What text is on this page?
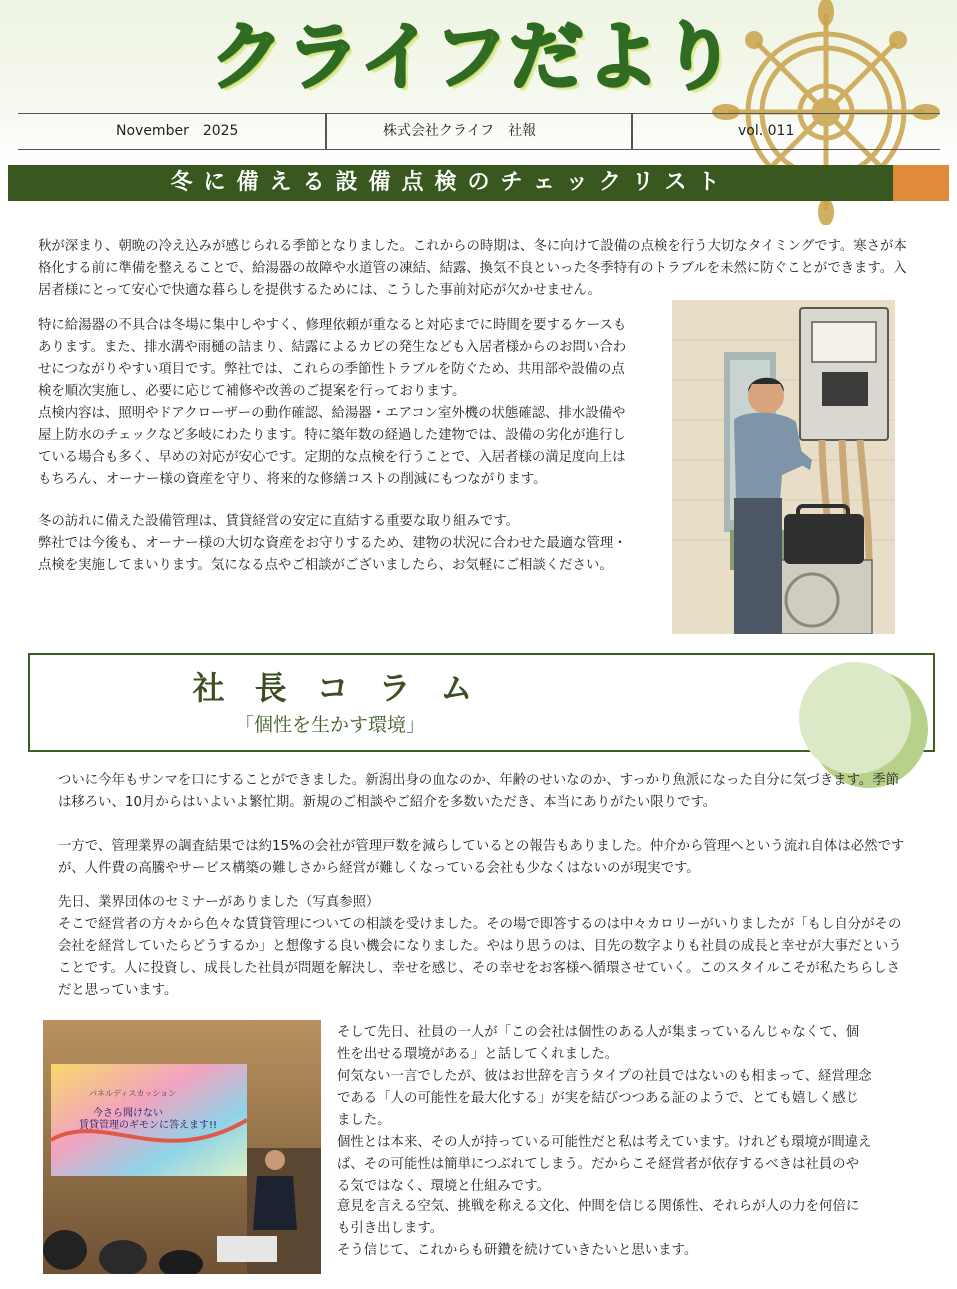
クライフだより
November　2025	株式会社クライフ　社報	vol. 011
冬に備える設備点検のチェックリスト

秋が深まり、朝晩の冷え込みが感じられる季節となりました。これからの時期は、冬に向けて設備の点検を行う大切なタイミングです。寒さが本格化する前に準備を整えることで、給湯器の故障や水道管の凍結、結露、換気不良といった冬季特有のトラブルを未然に防ぐことができます。入居者様にとって安心で快適な暮らしを提供するためには、こうした事前対応が欠かせません。

特に給湯器の不具合は冬場に集中しやすく、修理依頼が重なると対応までに時間を要するケースもあります。また、排水溝や雨樋の詰まり、結露によるカビの発生なども入居者様からのお問い合わせにつながりやすい項目です。弊社では、これらの季節性トラブルを防ぐため、共用部や設備の点検を順次実施し、必要に応じて補修や改善のご提案を行っております。

点検内容は、照明やドアクローザーの動作確認、給湯器・エアコン室外機の状態確認、排水設備や屋上防水のチェックなど多岐にわたります。特に築年数の経過した建物では、設備の劣化が進行している場合も多く、早めの対応が安心です。定期的な点検を行うことで、入居者様の満足度向上はもちろん、オーナー様の資産を守り、将来的な修繕コストの削減にもつながります。

冬の訪れに備えた設備管理は、賃貸経営の安定に直結する重要な取り組みです。

弊社では今後も、オーナー様の大切な資産をお守りするため、建物の状況に合わせた最適な管理・点検を実施してまいります。気になる点やご相談がございましたら、お気軽にご相談ください。

社長コラム
「個性を生かす環境」

ついに今年もサンマを口にすることができました。新潟出身の血なのか、年齢のせいなのか、すっかり魚派になった自分に気づきます。季節は移ろい、10月からはいよいよ繁忙期。新規のご相談やご紹介を多数いただき、本当にありがたい限りです。

一方で、管理業界の調査結果では約15%の会社が管理戸数を減らしているとの報告もありました。仲介から管理へという流れ自体は必然ですが、人件費の高騰やサービス構築の難しさから経営が難しくなっている会社も少なくはないのが現実です。

先日、業界団体のセミナーがありました（写真参照）

そこで経営者の方々から色々な賃貸管理についての相談を受けました。その場で即答するのは中々カロリーがいりましたが「もし自分がその会社を経営していたらどうするか」と想像する良い機会になりました。やはり思うのは、目先の数字よりも社員の成長と幸せが大事だということです。人に投資し、成長した社員が問題を解決し、幸せを感じ、その幸せをお客様へ循環させていく。このスタイルこそが私たちらしさだと思っています。

パネルディスカッション
今さら聞けない
賃貸管理のギモンに答えます!!

そして先日、社員の一人が「この会社は個性のある人が集まっているんじゃなくて、個性を出せる環境がある」と話してくれました。

何気ない一言でしたが、彼はお世辞を言うタイプの社員ではないのも相まって、経営理念である「人の可能性を最大化する」が実を結びつつある証のようで、とても嬉しく感じました。

個性とは本来、その人が持っている可能性だと私は考えています。けれども環境が間違えば、その可能性は簡単につぶれてしまう。だからこそ経営者が依存するべきは社員のやる気ではなく、環境と仕組みです。

意見を言える空気、挑戦を称える文化、仲間を信じる関係性、それらが人の力を何倍にも引き出します。

そう信じて、これからも研鑽を続けていきたいと思います。
